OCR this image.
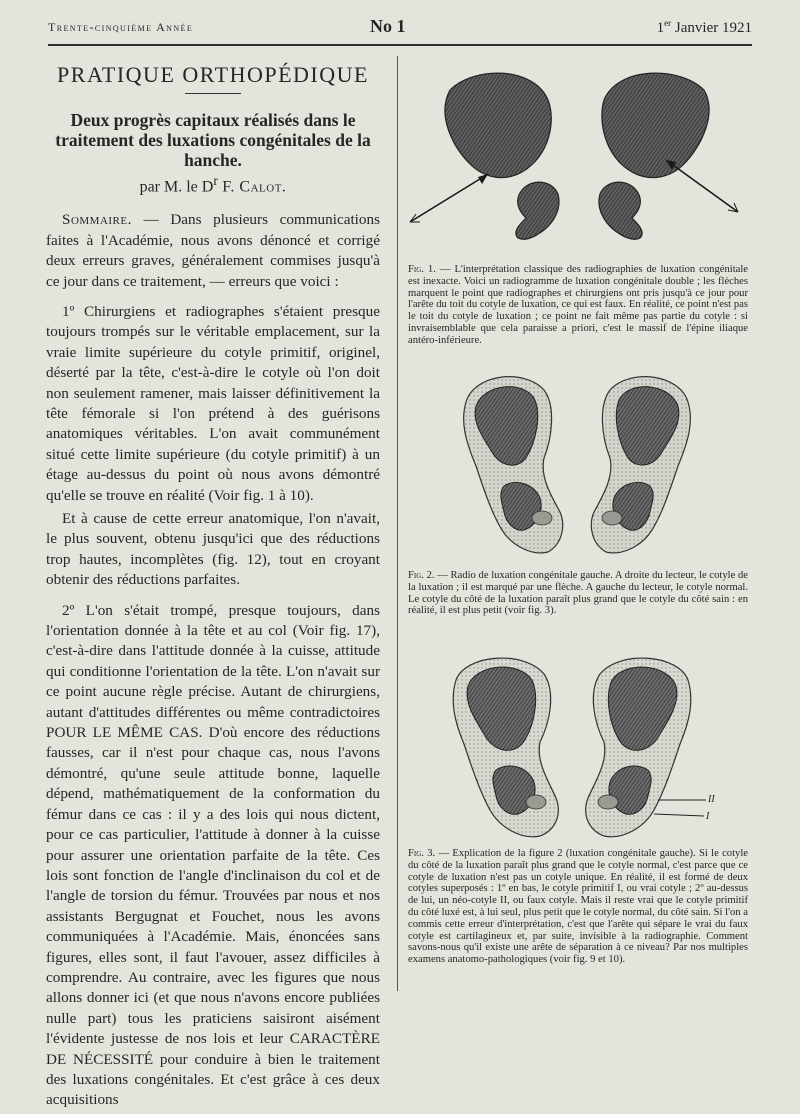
Trente-cinquième Année	No 1	1er Janvier 1921
PRATIQUE ORTHOPÉDIQUE
Deux progrès capitaux réalisés dans le traitement des luxations congénitales de la hanche.
par M. le $D^r$ F. Calot.

Sommaire. — Dans plusieurs communications faites à l'Académie, nous avons dénoncé et corrigé deux erreurs graves, généralement commises jusqu'à ce jour dans ce traitement, — erreurs que voici :

1º Chirurgiens et radiographes s'étaient presque toujours trompés sur le véritable emplacement, sur la vraie limite supérieure du cotyle primitif, originel, déserté par la tête, c'est-à-dire le cotyle où l'on doit non seulement ramener, mais laisser définitivement la tête fémorale si l'on prétend à des guérisons anatomiques véritables. L'on avait communément situé cette limite supérieure (du cotyle primitif) à un étage au-dessus du point où nous avons démontré qu'elle se trouve en réalité (Voir fig. 1 à 10).

Et à cause de cette erreur anatomique, l'on n'avait, le plus souvent, obtenu jusqu'ici que des réductions trop hautes, incomplètes (fig. 12), tout en croyant obtenir des réductions parfaites.

2º L'on s'était trompé, presque toujours, dans l'orientation donnée à la tête et au col (Voir fig. 17), c'est-à-dire dans l'attitude donnée à la cuisse, attitude qui conditionne l'orientation de la tête. L'on n'avait sur ce point aucune règle précise. Autant de chirurgiens, autant d'attitudes différentes ou même contradictoires POUR LE MÊME CAS. D'où encore des réductions fausses, car il n'est pour chaque cas, nous l'avons démontré, qu'une seule attitude bonne, laquelle dépend, mathématiquement de la conformation du fémur dans ce cas : il y a des lois qui nous dictent, pour ce cas particulier, l'attitude à donner à la cuisse pour assurer une orientation parfaite de la tête. Ces lois sont fonction de l'angle d'inclinaison du col et de l'angle de torsion du fémur. Trouvées par nous et nos assistants Bergugnat et Fouchet, nous les avons communiquées à l'Académie. Mais, énoncées sans figures, elles sont, il faut l'avouer, assez difficiles à comprendre. Au contraire, avec les figures que nous allons donner ici (et que nous n'avons encore publiées nulle part) tous les praticiens saisiront aisément l'évidente justesse de nos lois et leur CARACTÈRE DE NÉCESSITÉ pour conduire à bien le traitement des luxations congénitales. Et c'est grâce à ces deux acquisitions

Fig. 1. — L'interprétation classique des radiographies de luxation congénitale est inexacte. Voici un radiogramme de luxation congénitale double ; les flèches marquent le point que radiographes et chirurgiens ont pris jusqu'à ce jour pour l'arête du toit du cotyle de luxation, ce qui est faux. En réalité, ce point n'est pas le toit du cotyle de luxation ; ce point ne fait même pas partie du cotyle : si invraisemblable que cela paraisse a priori, c'est le massif de l'épine iliaque antéro-inférieure.
Fig. 2. — Radio de luxation congénitale gauche. A droite du lecteur, le cotyle de la luxation ; il est marqué par une flèche. A gauche du lecteur, le cotyle normal. Le cotyle du côté de la luxation paraît plus grand que le cotyle du côté sain : en réalité, il est plus petit (voir fig. 3).
II
I
Fig. 3. — Explication de la figure 2 (luxation congénitale gauche). Si le cotyle du côté de la luxation paraît plus grand que le cotyle normal, c'est parce que ce cotyle de luxation n'est pas un cotyle unique. En réalité, il est formé de deux cotyles superposés : 1º en bas, le cotyle primitif I, ou vrai cotyle ; 2º au-dessus de lui, un néo-cotyle II, ou faux cotyle. Mais il reste vrai que le cotyle primitif du côté luxé est, à lui seul, plus petit que le cotyle normal, du côté sain. Si l'on a commis cette erreur d'interprétation, c'est que l'arête qui sépare le vrai du faux cotyle est cartilagineux et, par suite, invisible à la radiographie. Comment savons-nous qu'il existe une arête de séparation à ce niveau? Par nos multiples examens anatomo-pathologiques (voir fig. 9 et 10).
